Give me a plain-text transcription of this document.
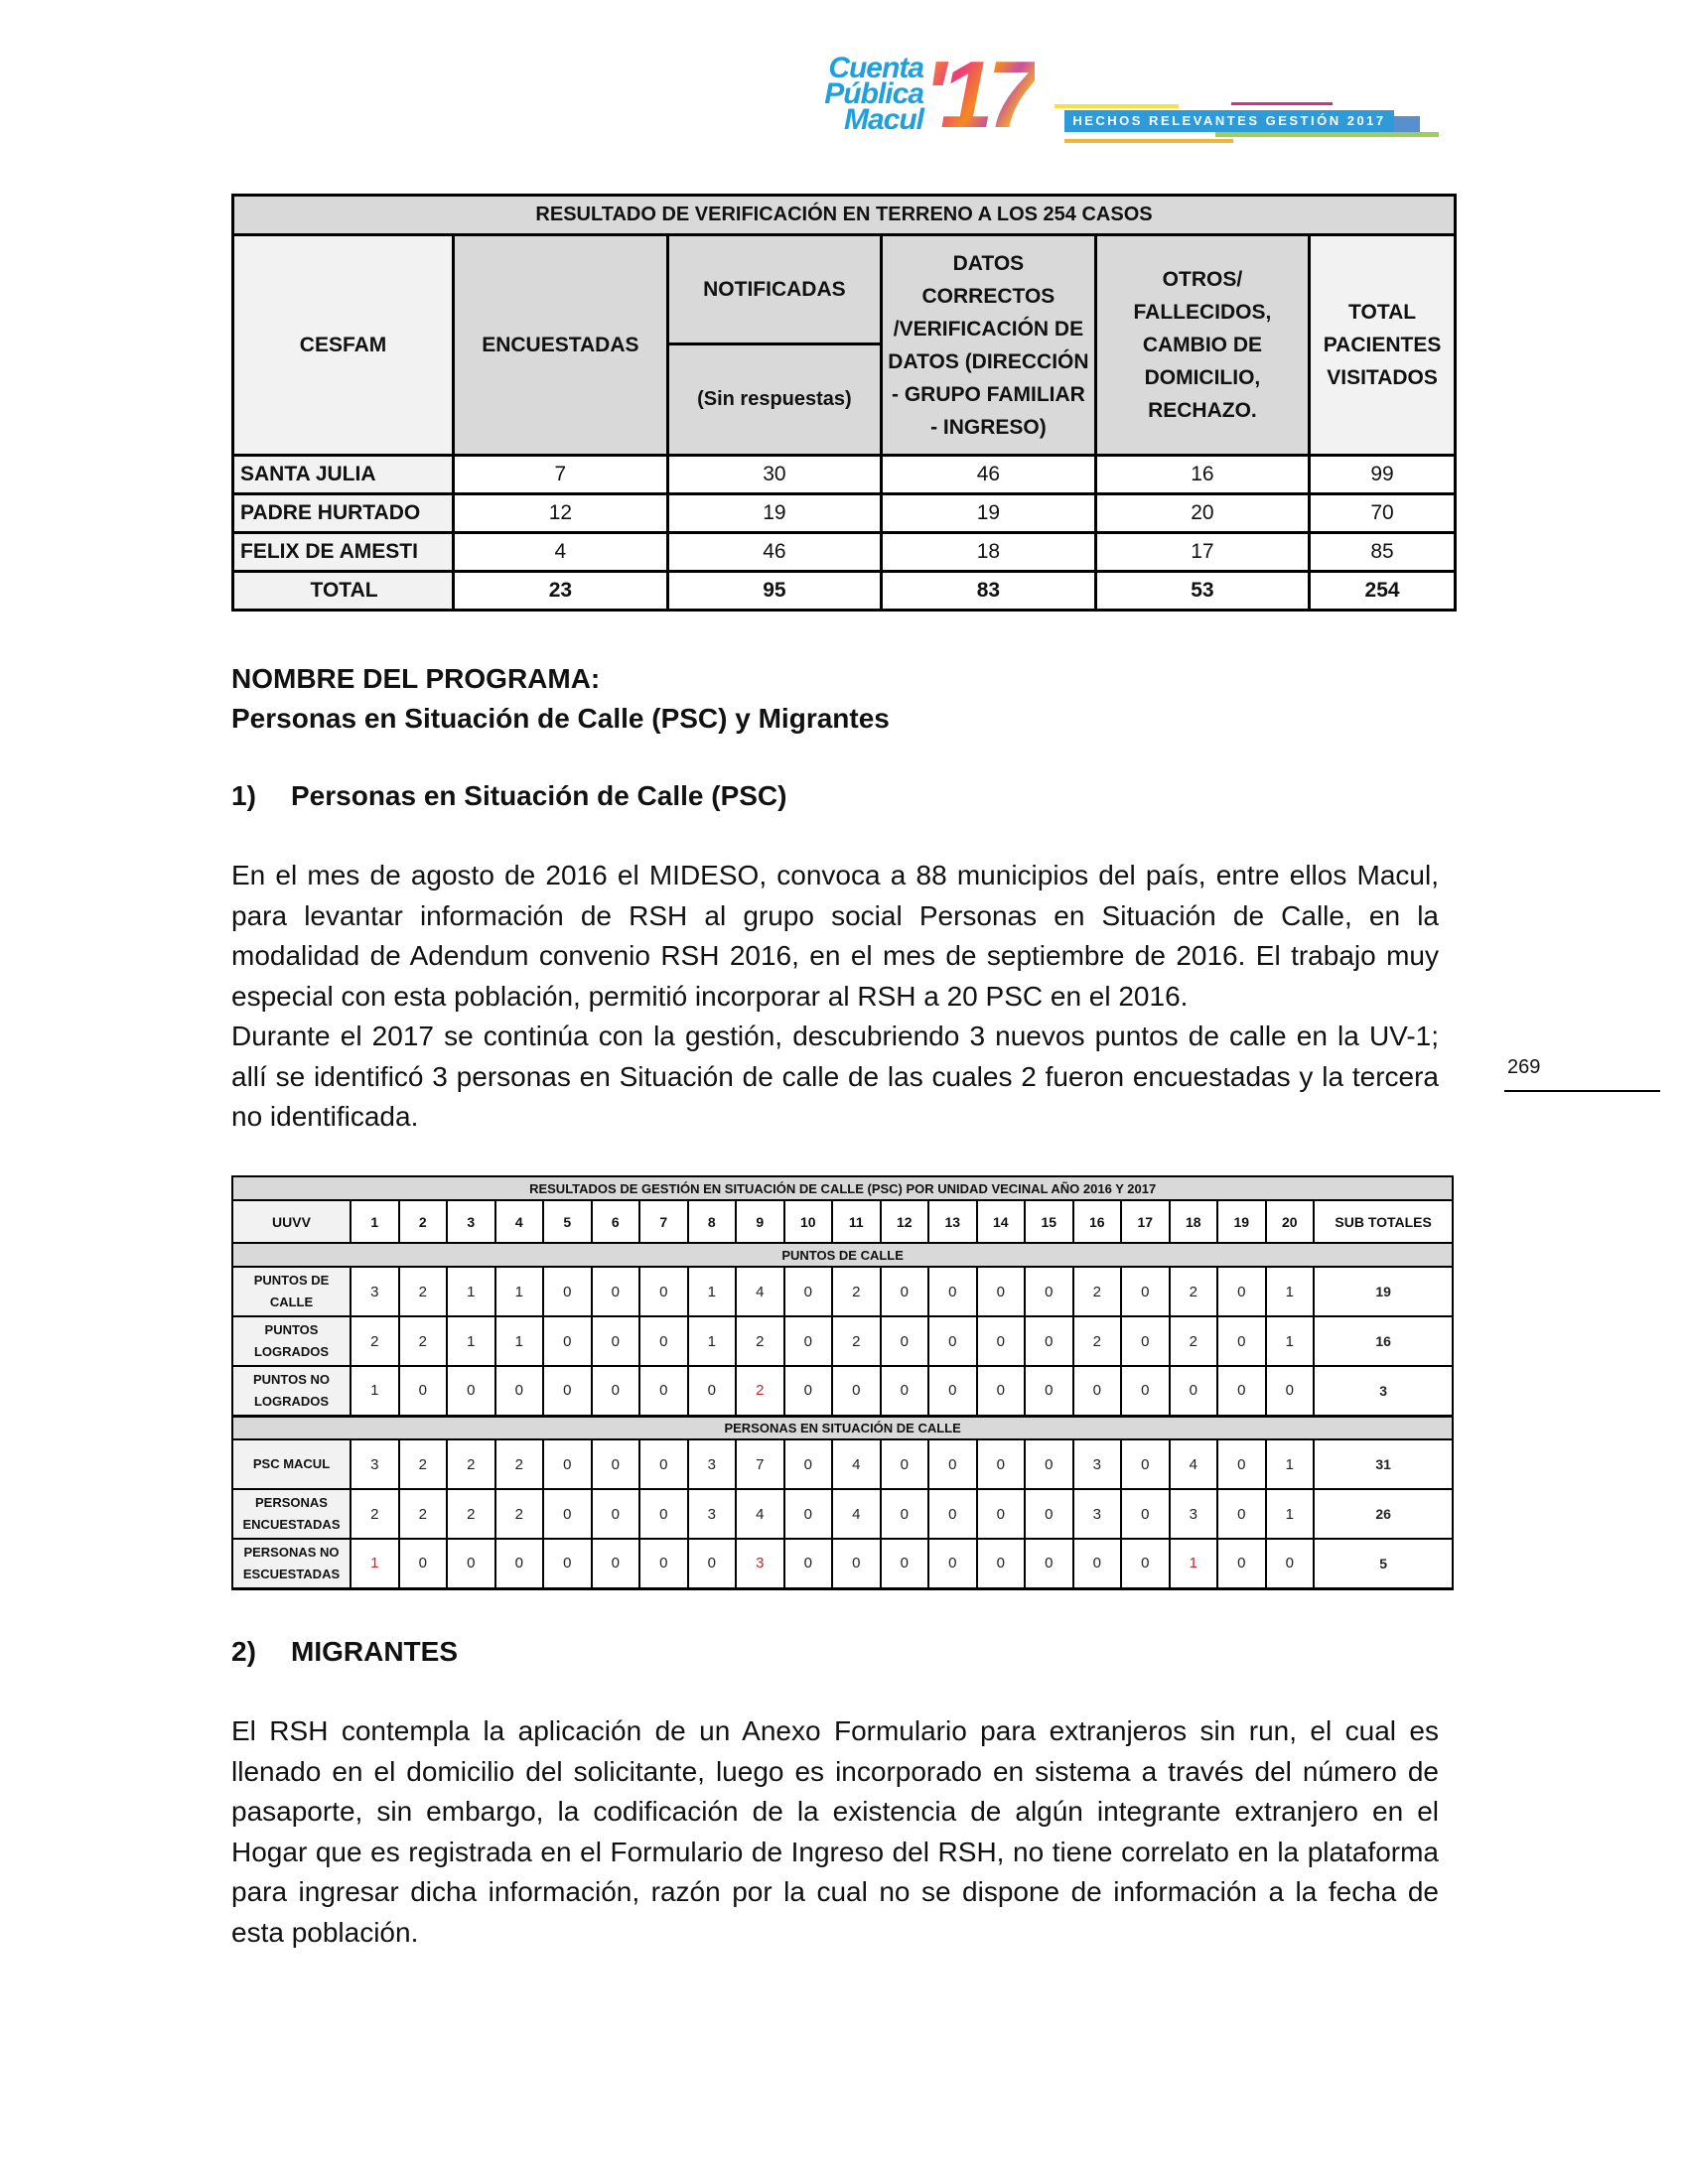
Cuenta
Pública
Macul '17	HECHOS RELEVANTES GESTIÓN 2017
RESULTADO DE VERIFICACIÓN EN TERRENO A LOS 254 CASOS					
CESFAM	ENCUESTADAS	NOTIFICADAS	DATOS CORRECTOS /VERIFICACIÓN DE DATOS (DIRECCIÓN - GRUPO FAMILIAR - INGRESO)	OTROS/ FALLECIDOS, CAMBIO DE DOMICILIO, RECHAZO.	TOTAL PACIENTES VISITADOS
		(Sin respuestas)			
SANTA JULIA	7	30	46	16	99
PADRE HURTADO	12	19	19	20	70
FELIX DE AMESTI	4	46	18	17	85
TOTAL	23	95	83	53	254
NOMBRE DEL PROGRAMA:
Personas en Situación de Calle (PSC) y Migrantes
1) Personas en Situación de Calle (PSC)

En el mes de agosto de 2016 el MIDESO, convoca a 88 municipios del país, entre ellos Macul, para levantar información de RSH al grupo social Personas en Situación de Calle, en la modalidad de Adendum convenio RSH 2016, en el mes de septiembre de 2016. El trabajo muy especial con esta población, permitió incorporar al RSH a 20 PSC en el 2016.

Durante el 2017 se continúa con la gestión, descubriendo 3 nuevos puntos de calle en la UV-1; allí se identificó 3 personas en Situación de calle de las cuales 2 fueron encuestadas y la tercera no identificada.

269
RESULTADOS DE GESTIÓN EN SITUACIÓN DE CALLE (PSC) POR UNIDAD VECINAL AÑO 2016 Y 2017																					
UUVV	1	2	3	4	5	6	7	8	9	10	11	12	13	14	15	16	17	18	19	20	SUB TOTALES
PUNTOS DE CALLE																					
PUNTOS DE CALLE	3	2	1	1	0	0	0	1	4	0	2	0	0	0	0	2	0	2	0	1	19
PUNTOS LOGRADOS	2	2	1	1	0	0	0	1	2	0	2	0	0	0	0	2	0	2	0	1	16
PUNTOS NO LOGRADOS	1	0	0	0	0	0	0	0	2	0	0	0	0	0	0	0	0	0	0	0	3
PERSONAS EN SITUACIÓN DE CALLE																					
PSC MACUL	3	2	2	2	0	0	0	3	7	0	4	0	0	0	0	3	0	4	0	1	31
PERSONAS ENCUESTADAS	2	2	2	2	0	0	0	3	4	0	4	0	0	0	0	3	0	3	0	1	26
PERSONAS NO ESCUESTADAS	1	0	0	0	0	0	0	0	3	0	0	0	0	0	0	0	0	1	0	0	5
2) MIGRANTES

El RSH contempla la aplicación de un Anexo Formulario para extranjeros sin run, el cual es llenado en el domicilio del solicitante, luego es incorporado en sistema a través del número de pasaporte, sin embargo, la codificación de la existencia de algún integrante extranjero en el Hogar que es registrada en el Formulario de Ingreso del RSH, no tiene correlato en la plataforma para ingresar dicha información, razón por la cual no se dispone de información a la fecha de esta población.
